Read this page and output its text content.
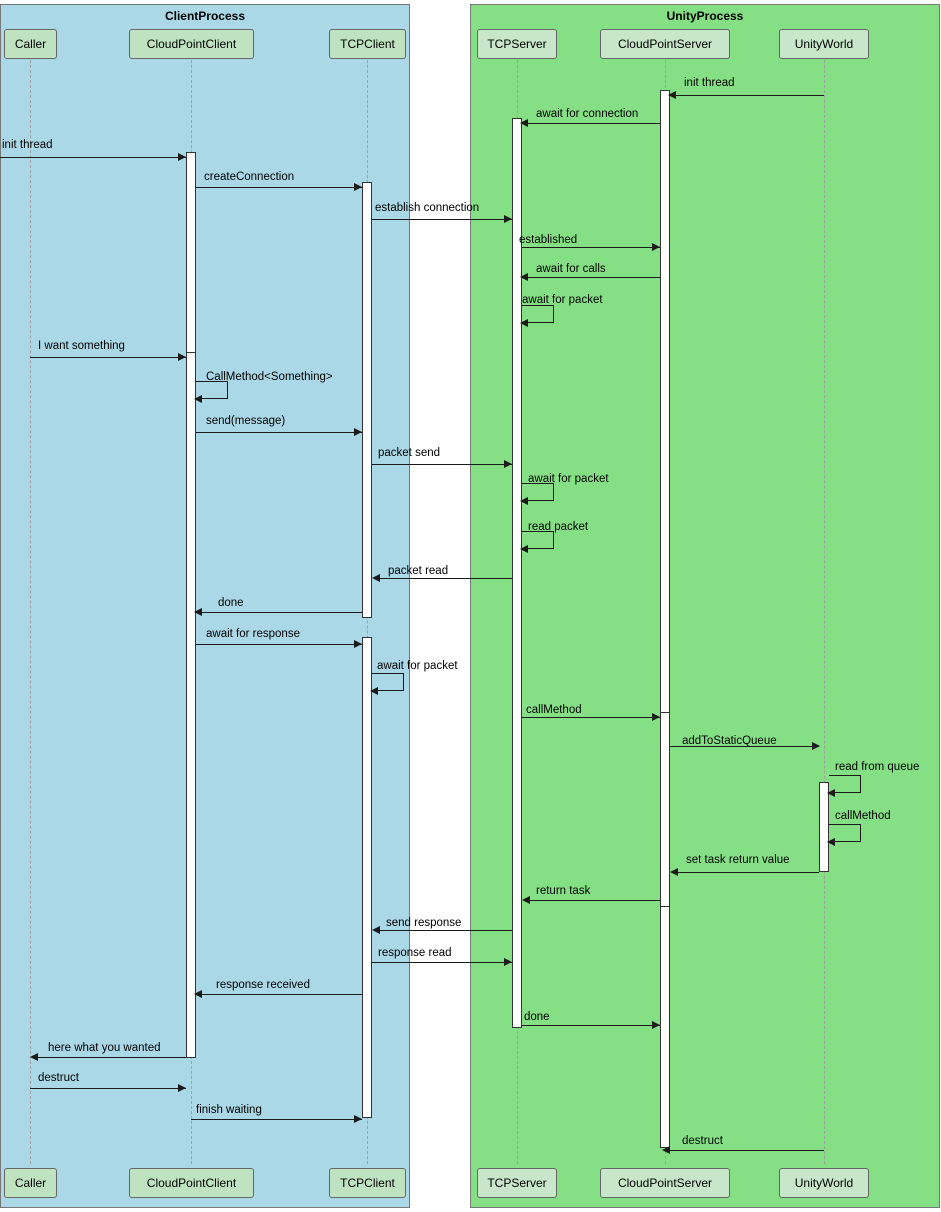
ClientProcess	UnityProcess
Caller	CloudPointClient	TCPClient	TCPServer	CloudPointServer	UnityWorld
Caller	CloudPointClient	TCPClient	TCPServer	CloudPointServer	UnityWorld
init thread
await for connection
init thread
createConnection
establish connection
established
await for calls
await for packet
I want something
CallMethod<Something>
send(message)
packet send
await for packet
read packet
packet read
done
await for response
await for packet
callMethod
addToStaticQueue
read from queue
callMethod
set task return value
return task
send response
response read
response received
done
here what you wanted
destruct
finish waiting
destruct
